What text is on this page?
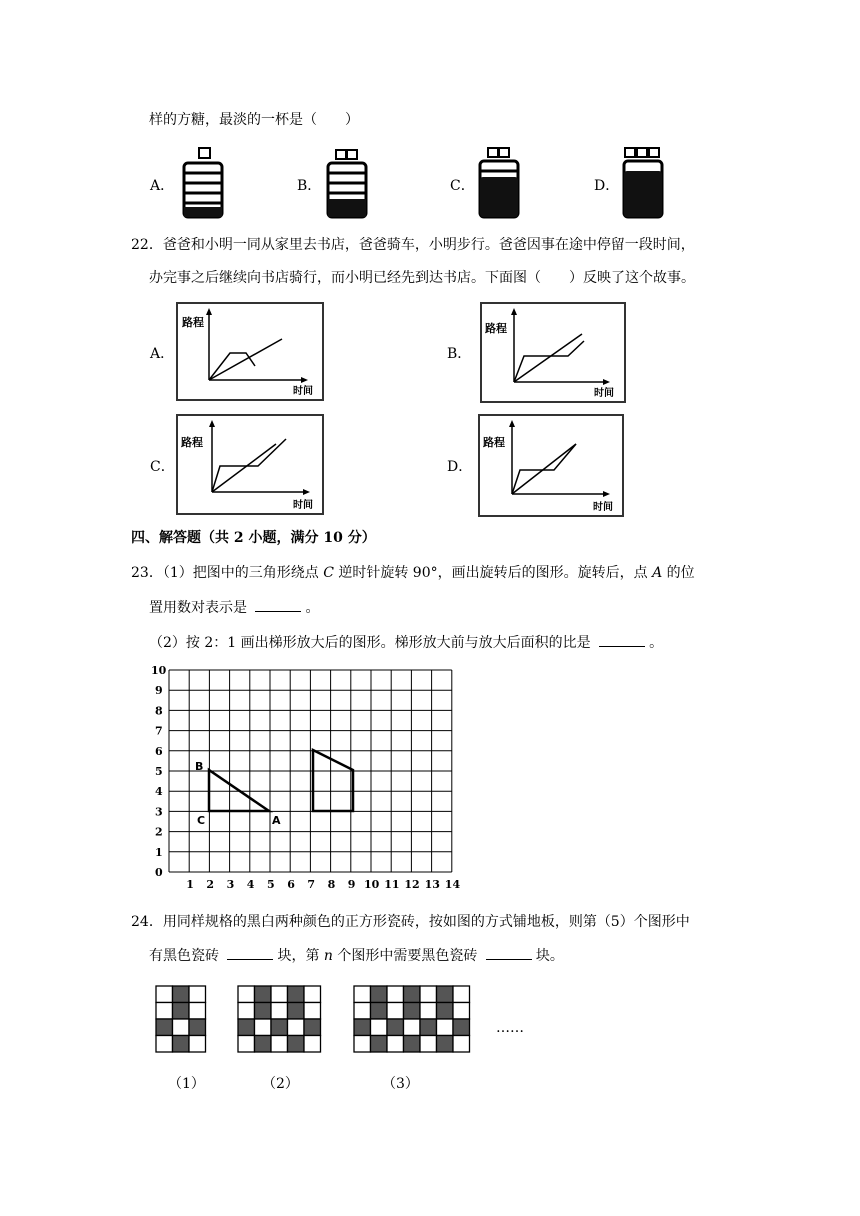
样的方糖，最淡的一杯是（　　）
A．	B．	C．	D．
22．爸爸和小明一同从家里去书店，爸爸骑车，小明步行。爸爸因事在途中停留一段时间，
办完事之后继续向书店骑行，而小明已经先到达书店。下面图（　　）反映了这个故事。
A．	B．
C．	D．
路程
时间
路程
时间
路程
时间
路程
时间
四、解答题（共 2 小题，满分 10 分）
23．（1）把图中的三角形绕点 C 逆时针旋转 90°，画出旋转后的图形。旋转后，点 A 的位
置用数对表示是	。
（2）按 2：1 画出梯形放大后的图形。梯形放大前与放大后面积的比是	。
10
9
8
7
6
5
4
3
2
1
0
1 2 3 4 5 6 7 8 9 10 11 12 13 14
B
C	A
24．用同样规格的黑白两种颜色的正方形瓷砖，按如图的方式铺地板，则第（5）个图形中
有黑色瓷砖	块，第 n 个图形中需要黑色瓷砖	块。
（1）	（2）	（3）
……
